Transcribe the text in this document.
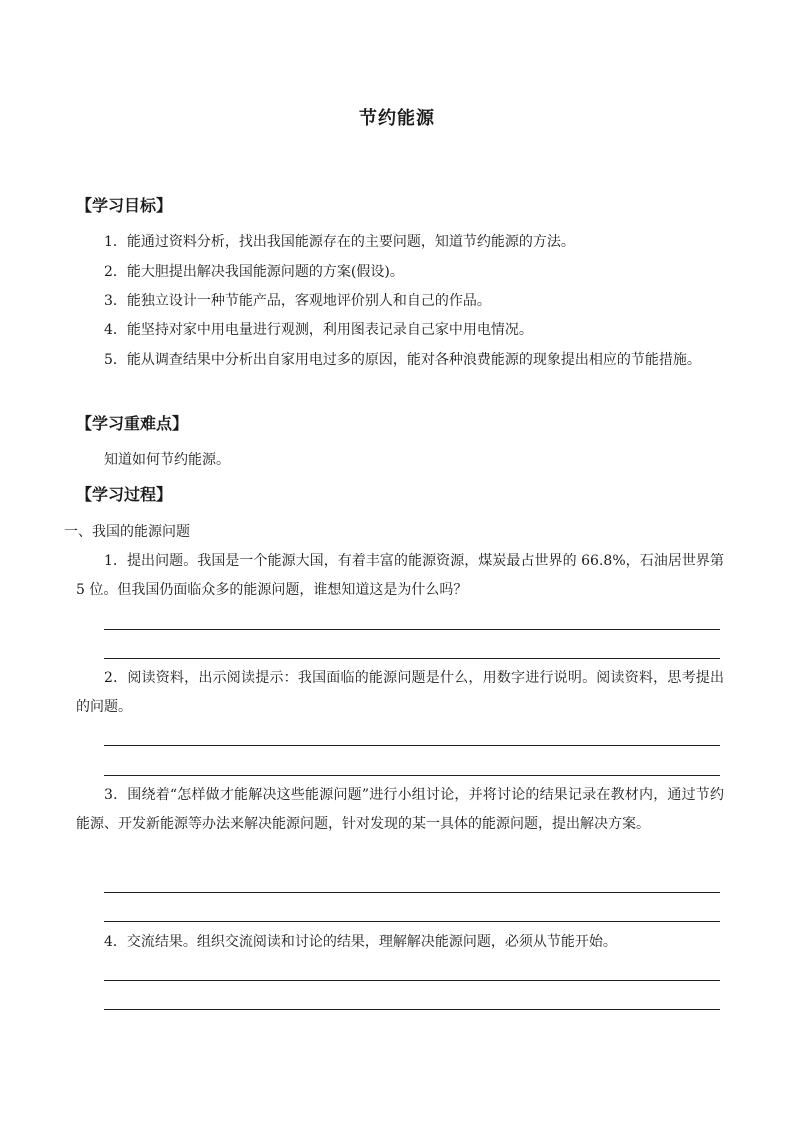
节约能源
【学习目标】
1．能通过资料分析，找出我国能源存在的主要问题，知道节约能源的方法。
2．能大胆提出解决我国能源问题的方案(假设)。
3．能独立设计一种节能产品，客观地评价别人和自己的作品。
4．能坚持对家中用电量进行观测，利用图表记录自己家中用电情况。
5．能从调查结果中分析出自家用电过多的原因，能对各种浪费能源的现象提出相应的节能措施。
【学习重难点】
知道如何节约能源。
【学习过程】
一、我国的能源问题
1．提出问题。我国是一个能源大国，有着丰富的能源资源，煤炭最占世界的 66.8%，石油居世界第 5 位。但我国仍面临众多的能源问题，谁想知道这是为什么吗？
2．阅读资料，出示阅读提示：我国面临的能源问题是什么，用数字进行说明。阅读资料，思考提出的问题。
3．围绕着“怎样做才能解决这些能源问题”进行小组讨论，并将讨论的结果记录在教材内，通过节约能源、开发新能源等办法来解决能源问题，针对发现的某一具体的能源问题，提出解决方案。
4．交流结果。组织交流阅读和讨论的结果，理解解决能源问题，必须从节能开始。
